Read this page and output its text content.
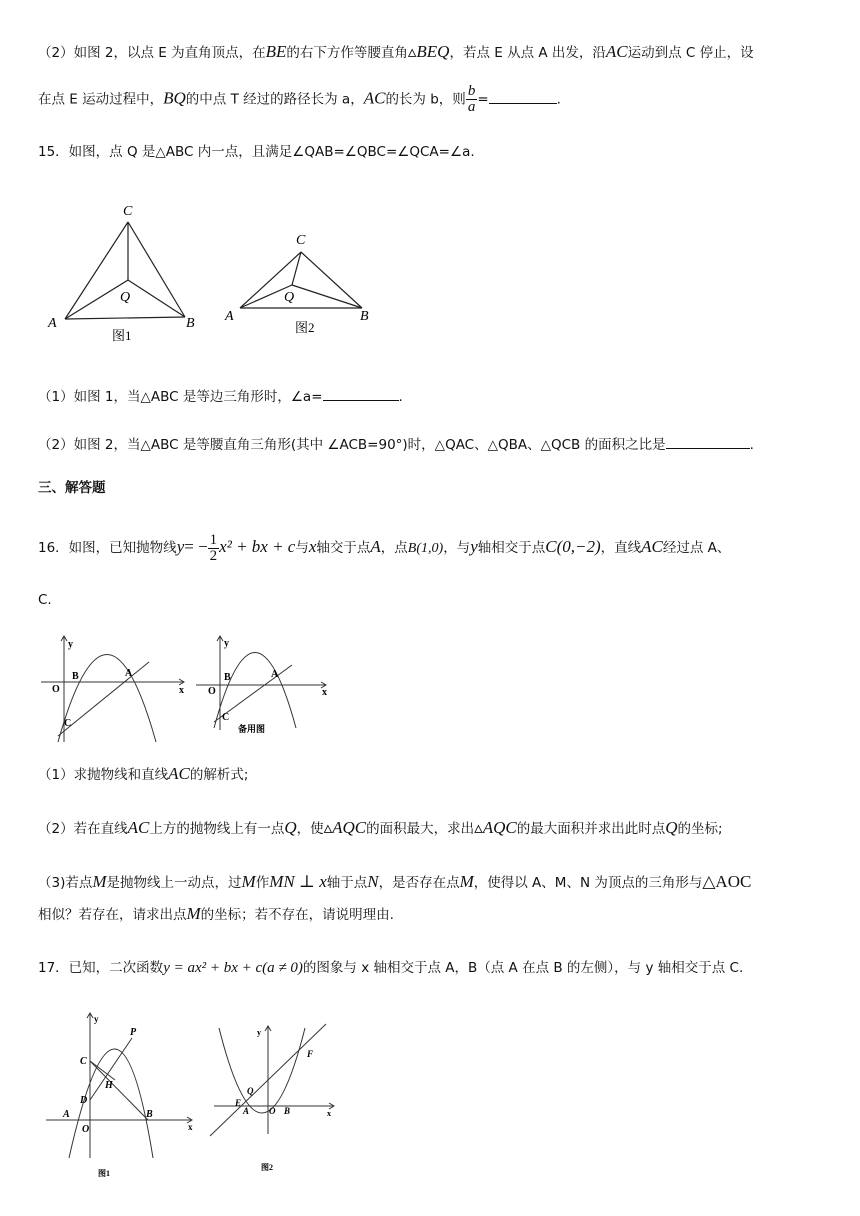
（2）如图 2，以点 E 为直角顶点，在BE的右下方作等腰直角▵BEQ，若点 E 从点 A 出发，沿AC运动到点 C 停止，设
在点 E 运动过程中，BQ的中点 T 经过的路径长为 a，AC的长为 b，则 $\frac{b}{a}$ =	.
15．如图，点 Q 是△ABC 内一点，且满足∠QAB=∠QBC=∠QCA=∠a.
C
Q
A	B
图1
C
Q
A	B
图2
（1）如图 1，当△ABC 是等边三角形时，∠a=	.
（2）如图 2，当△ABC 是等腰直角三角形(其中 ∠ACB=90°)时，△QAC、△QBA、△QCB 的面积之比是	.
三、解答题
16．如图，已知抛物线$y= - \frac{1}{2} x^2$ + bx + c与x轴交于点A，点B(1,0)，与y轴相交于点C(0,−2)，直线AC经过点 A、
C.
y
x
O
B	A
C
y
x
O
B	A
C
备用图
（1）求抛物线和直线AC的解析式;
（2）若在直线AC上方的抛物线上有一点Q，使▵AQC的面积最大，求出▵AQC的最大面积并求出此时点Q的坐标;
（3)若点M是抛物线上一动点，过M作MN ⊥ x轴于点N，是否存在点M，使得以 A、M、N 为顶点的三角形与△AOC
相似？若存在，请求出点M的坐标；若不存在，请说明理由.
17．已知，二次函数y = ax² + bx + c(a ≠ 0)的图象与 x 轴相交于点 A，B（点 A 在点 B 的左侧），与 y 轴相交于点 C.
y
x
C
P
H
D
A
O
B
图1
y
x
F
Q
E
A O B
图2
